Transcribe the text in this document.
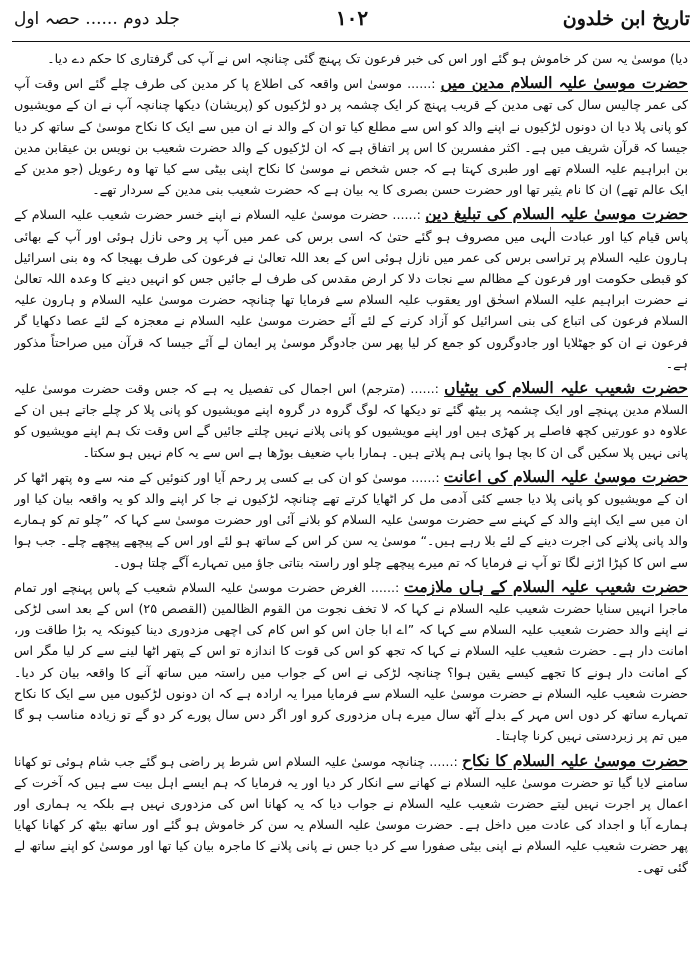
تاریخ ابن خلدون
۱۰۲
جلد دوم ...... حصہ اول

دیا) موسیٰ یہ سن کر خاموش ہو گئے اور اس کی خبر فرعون تک پہنچ گئی چنانچہ اس نے آپ کی گرفتاری کا حکم دے دیا۔

حضرت موسیٰ علیہ السلام مدین میں :...... موسیٰ اس واقعہ کی اطلاع پا کر مدین کی طرف چلے گئے اس وقت آپ کی عمر چالیس سال کی تھی مدین کے قریب پہنچ کر ایک چشمہ پر دو لڑکیوں کو (پریشان) دیکھا چنانچہ آپ نے ان کے مویشیوں کو پانی پلا دیا ان دونوں لڑکیوں نے اپنے والد کو اس سے مطلع کیا تو ان کے والد نے ان میں سے ایک کا نکاح موسیٰ کے ساتھ کر دیا جیسا کہ قرآن شریف میں ہے۔ اکثر مفسرین کا اس پر اتفاق ہے کہ ان لڑکیوں کے والد حضرت شعیب بن نویس بن عیقابن مدین بن ابراہیم علیہ السلام تھے اور طبری کہتا ہے کہ جس شخص نے موسیٰ کا نکاح اپنی بیٹی سے کیا تھا وہ رعویل (جو مدین کے ایک عالم تھے) ان کا نام یثیر تھا اور حضرت حسن بصری کا یہ بیان ہے کہ حضرت شعیب بنی مدین کے سردار تھے۔

حضرت موسیٰ علیہ السلام کی تبلیغ دین :...... حضرت موسیٰ علیہ السلام نے اپنے خسر حضرت شعیب علیہ السلام کے پاس قیام کیا اور عبادت الٰہی میں مصروف ہو گئے حتیٰ کہ اسی برس کی عمر میں آپ پر وحی نازل ہوئی اور آپ کے بھائی ہارون علیہ السلام پر تراسی برس کی عمر میں نازل ہوئی اس کے بعد اللہ تعالیٰ نے فرعون کی طرف بھیجا کہ وہ بنی اسرائیل کو قبطی حکومت اور فرعون کے مظالم سے نجات دلا کر ارض مقدس کی طرف لے جائیں جس کو انہیں دینے کا وعدہ اللہ تعالیٰ نے حضرت ابراہیم علیہ السلام اسحٰق اور یعقوب علیہ السلام سے فرمایا تھا چنانچہ حضرت موسیٰ علیہ السلام و ہارون علیہ السلام فرعون کی اتباع کی بنی اسرائیل کو آزاد کرنے کے لئے آئے حضرت موسیٰ علیہ السلام نے معجزہ کے لئے عصا دکھایا گر فرعون نے ان کو جھٹلایا اور جادوگروں کو جمع کر لیا پھر سن جادوگر موسیٰ پر ایمان لے آئے جیسا کہ قرآن میں صراحتاً مذکور ہے۔

حضرت شعیب علیہ السلام کی بیٹیاں :...... (مترجم) اس اجمال کی تفصیل یہ ہے کہ جس وقت حضرت موسیٰ علیہ السلام مدین پہنچے اور ایک چشمہ پر بیٹھ گئے تو دیکھا کہ لوگ گروہ در گروہ اپنے مویشیوں کو پانی پلا کر چلے جاتے ہیں ان کے علاوہ دو عورتیں کچھ فاصلے پر کھڑی ہیں اور اپنے مویشیوں کو پانی پلانے نہیں چلتے جائیں گے اس وقت تک ہم اپنے مویشیوں کو پانی نہیں پلا سکیں گی ان کا بچا ہوا پانی ہم پلاتے ہیں۔ ہمارا باپ ضعیف بوڑھا ہے اس سے یہ کام نہیں ہو سکتا۔

حضرت موسیٰ علیہ السلام کی اعانت :...... موسیٰ کو ان کی بے کسی پر رحم آیا اور کنوئیں کے منہ سے وہ پتھر اٹھا کر ان کے مویشیوں کو پانی پلا دیا جسے کئی آدمی مل کر اٹھایا کرتے تھے چنانچہ لڑکیوں نے جا کر اپنے والد کو یہ واقعہ بیان کیا اور ان میں سے ایک اپنے والد کے کہنے سے حضرت موسیٰ علیہ السلام کو بلانے آئی اور حضرت موسیٰ سے کہا کہ ”چلو تم کو ہمارے والد پانی پلانے کی اجرت دینے کے لئے بلا رہے ہیں۔“ موسیٰ یہ سن کر اس کے ساتھ ہو لئے اور اس کے پیچھے پیچھے چلے۔ جب ہوا سے اس کا کپڑا اڑنے لگا تو آپ نے فرمایا کہ تم میرے پیچھے چلو اور راستہ بتاتی جاؤ میں تمہارے آگے چلتا ہوں۔

حضرت شعیب علیہ السلام کے ہاں ملازمت :...... الغرض حضرت موسیٰ علیہ السلام شعیب کے پاس پہنچے اور تمام ماجرا انہیں سنایا حضرت شعیب علیہ السلام نے کہا کہ لا تخف نجوت من القوم الظالمین (القصص ۲۵) اس کے بعد اسی لڑکی نے اپنے والد حضرت شعیب علیہ السلام سے کہا کہ ”اے ابا جان اس کو اس کام کی اچھی مزدوری دینا کیونکہ یہ بڑا طاقت ور، امانت دار ہے۔ حضرت شعیب علیہ السلام نے کہا کہ تجھ کو اس کی قوت کا اندازہ تو اس کے پتھر اٹھا لینے سے کر لیا مگر اس کے امانت دار ہونے کا تجھے کیسے یقین ہوا؟ چنانچہ لڑکی نے اس کے جواب میں راستہ میں ساتھ آنے کا واقعہ بیان کر دیا۔ حضرت شعیب علیہ السلام نے حضرت موسیٰ علیہ السلام سے فرمایا میرا یہ ارادہ ہے کہ ان دونوں لڑکیوں میں سے ایک کا نکاح تمہارے ساتھ کر دوں اس مہر کے بدلے آٹھ سال میرے ہاں مزدوری کرو اور اگر دس سال پورے کر دو گے تو زیادہ مناسب ہو گا میں تم پر زبردستی نہیں کرنا چاہتا۔

حضرت موسیٰ علیہ السلام کا نکاح :...... چنانچہ موسیٰ علیہ السلام اس شرط پر راضی ہو گئے جب شام ہوئی تو کھانا سامنے لایا گیا تو حضرت موسیٰ علیہ السلام نے کھانے سے انکار کر دیا اور یہ فرمایا کہ ہم ایسے اہل بیت سے ہیں کہ آخرت کے اعمال پر اجرت نہیں لیتے حضرت شعیب علیہ السلام نے جواب دیا کہ یہ کھانا اس کی مزدوری نہیں ہے بلکہ یہ ہماری اور ہمارے آبا و اجداد کی عادت میں داخل ہے۔ حضرت موسیٰ علیہ السلام یہ سن کر خاموش ہو گئے اور ساتھ بیٹھ کر کھانا کھایا پھر حضرت شعیب علیہ السلام نے اپنی بیٹی صفورا سے کر دیا جس نے پانی پلانے کا ماجرہ بیان کیا تھا اور موسیٰ کو اپنے ساتھ لے گئی تھی۔
